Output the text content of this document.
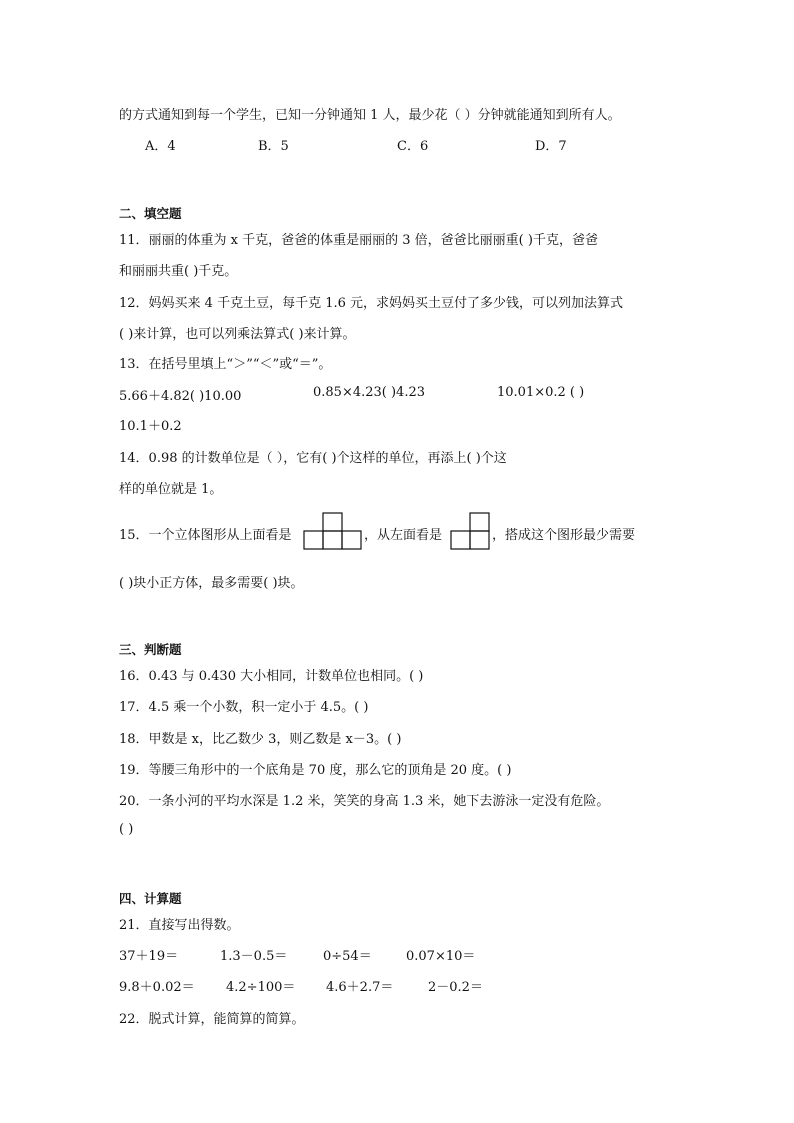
的方式通知到每一个学生，已知一分钟通知 1 人，最少花（ ）分钟就能通知到所有人。
A．4	B．5	C．6	D．7
二、填空题
11．丽丽的体重为 x 千克，爸爸的体重是丽丽的 3 倍，爸爸比丽丽重( )千克，爸爸
和丽丽共重( )千克。
12．妈妈买来 4 千克土豆，每千克 1.6 元，求妈妈买土豆付了多少钱，可以列加法算式
( )来计算，也可以列乘法算式( )来计算。
13．在括号里填上“＞”“＜”或“＝”。
5.66＋4.82( )10.00	0.85×4.23( )4.23	10.01×0.2 ( )
10.1＋0.2
14．0.98 的计数单位是（ ），它有( )个这样的单位，再添上( )个这
样的单位就是 1。
15．一个立体图形从上面看是	，从左面看是	，搭成这个图形最少需要
( )块小正方体，最多需要( )块。
三、判断题
16．0.43 与 0.430 大小相同，计数单位也相同。( )
17．4.5 乘一个小数，积一定小于 4.5。( )
18．甲数是 x，比乙数少 3，则乙数是 x－3。( )
19．等腰三角形中的一个底角是 70 度，那么它的顶角是 20 度。( )
20．一条小河的平均水深是 1.2 米，笑笑的身高 1.3 米，她下去游泳一定没有危险。
( )
四、计算题
21．直接写出得数。
37＋19＝	1.3－0.5＝	0÷54＝	0.07×10＝
9.8＋0.02＝ 4.2÷100＝ 4.6＋2.7＝	2－0.2＝
22．脱式计算，能简算的简算。
